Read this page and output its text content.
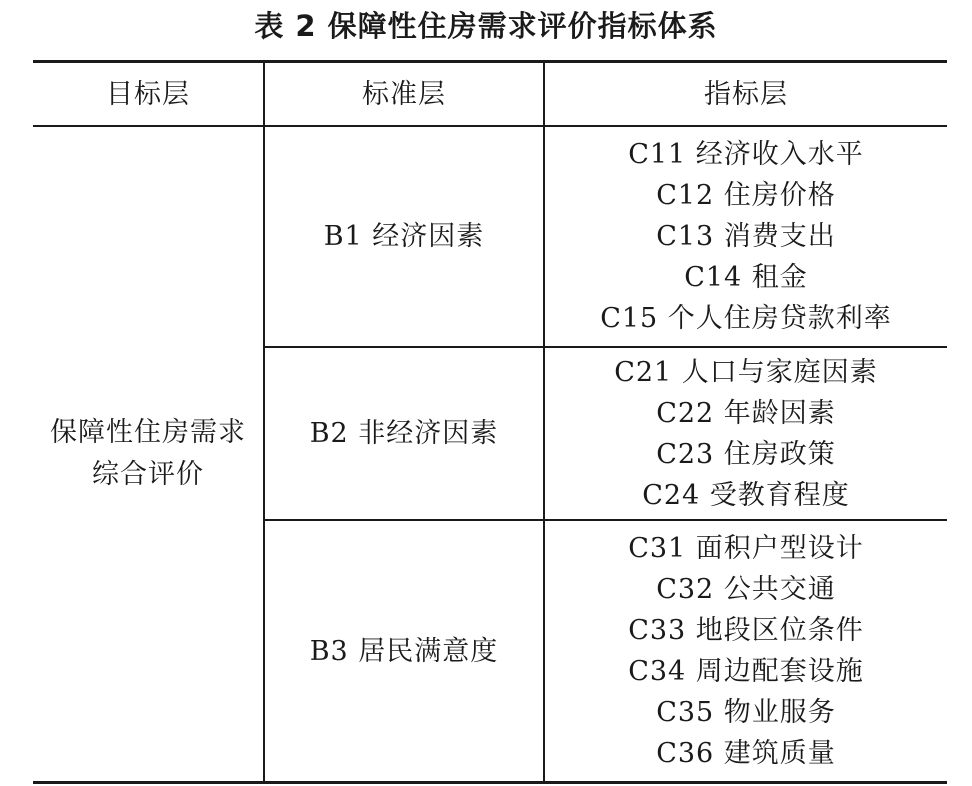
表 2 保障性住房需求评价指标体系
目标层	标准层	指标层
保障性住房需求
综合评价
B1 经济因素
B2 非经济因素
B3 居民满意度
C11 经济收入水平
C12 住房价格
C13 消费支出
C14 租金
C15 个人住房贷款利率
C21 人口与家庭因素
C22 年龄因素
C23 住房政策
C24 受教育程度
C31 面积户型设计
C32 公共交通
C33 地段区位条件
C34 周边配套设施
C35 物业服务
C36 建筑质量
